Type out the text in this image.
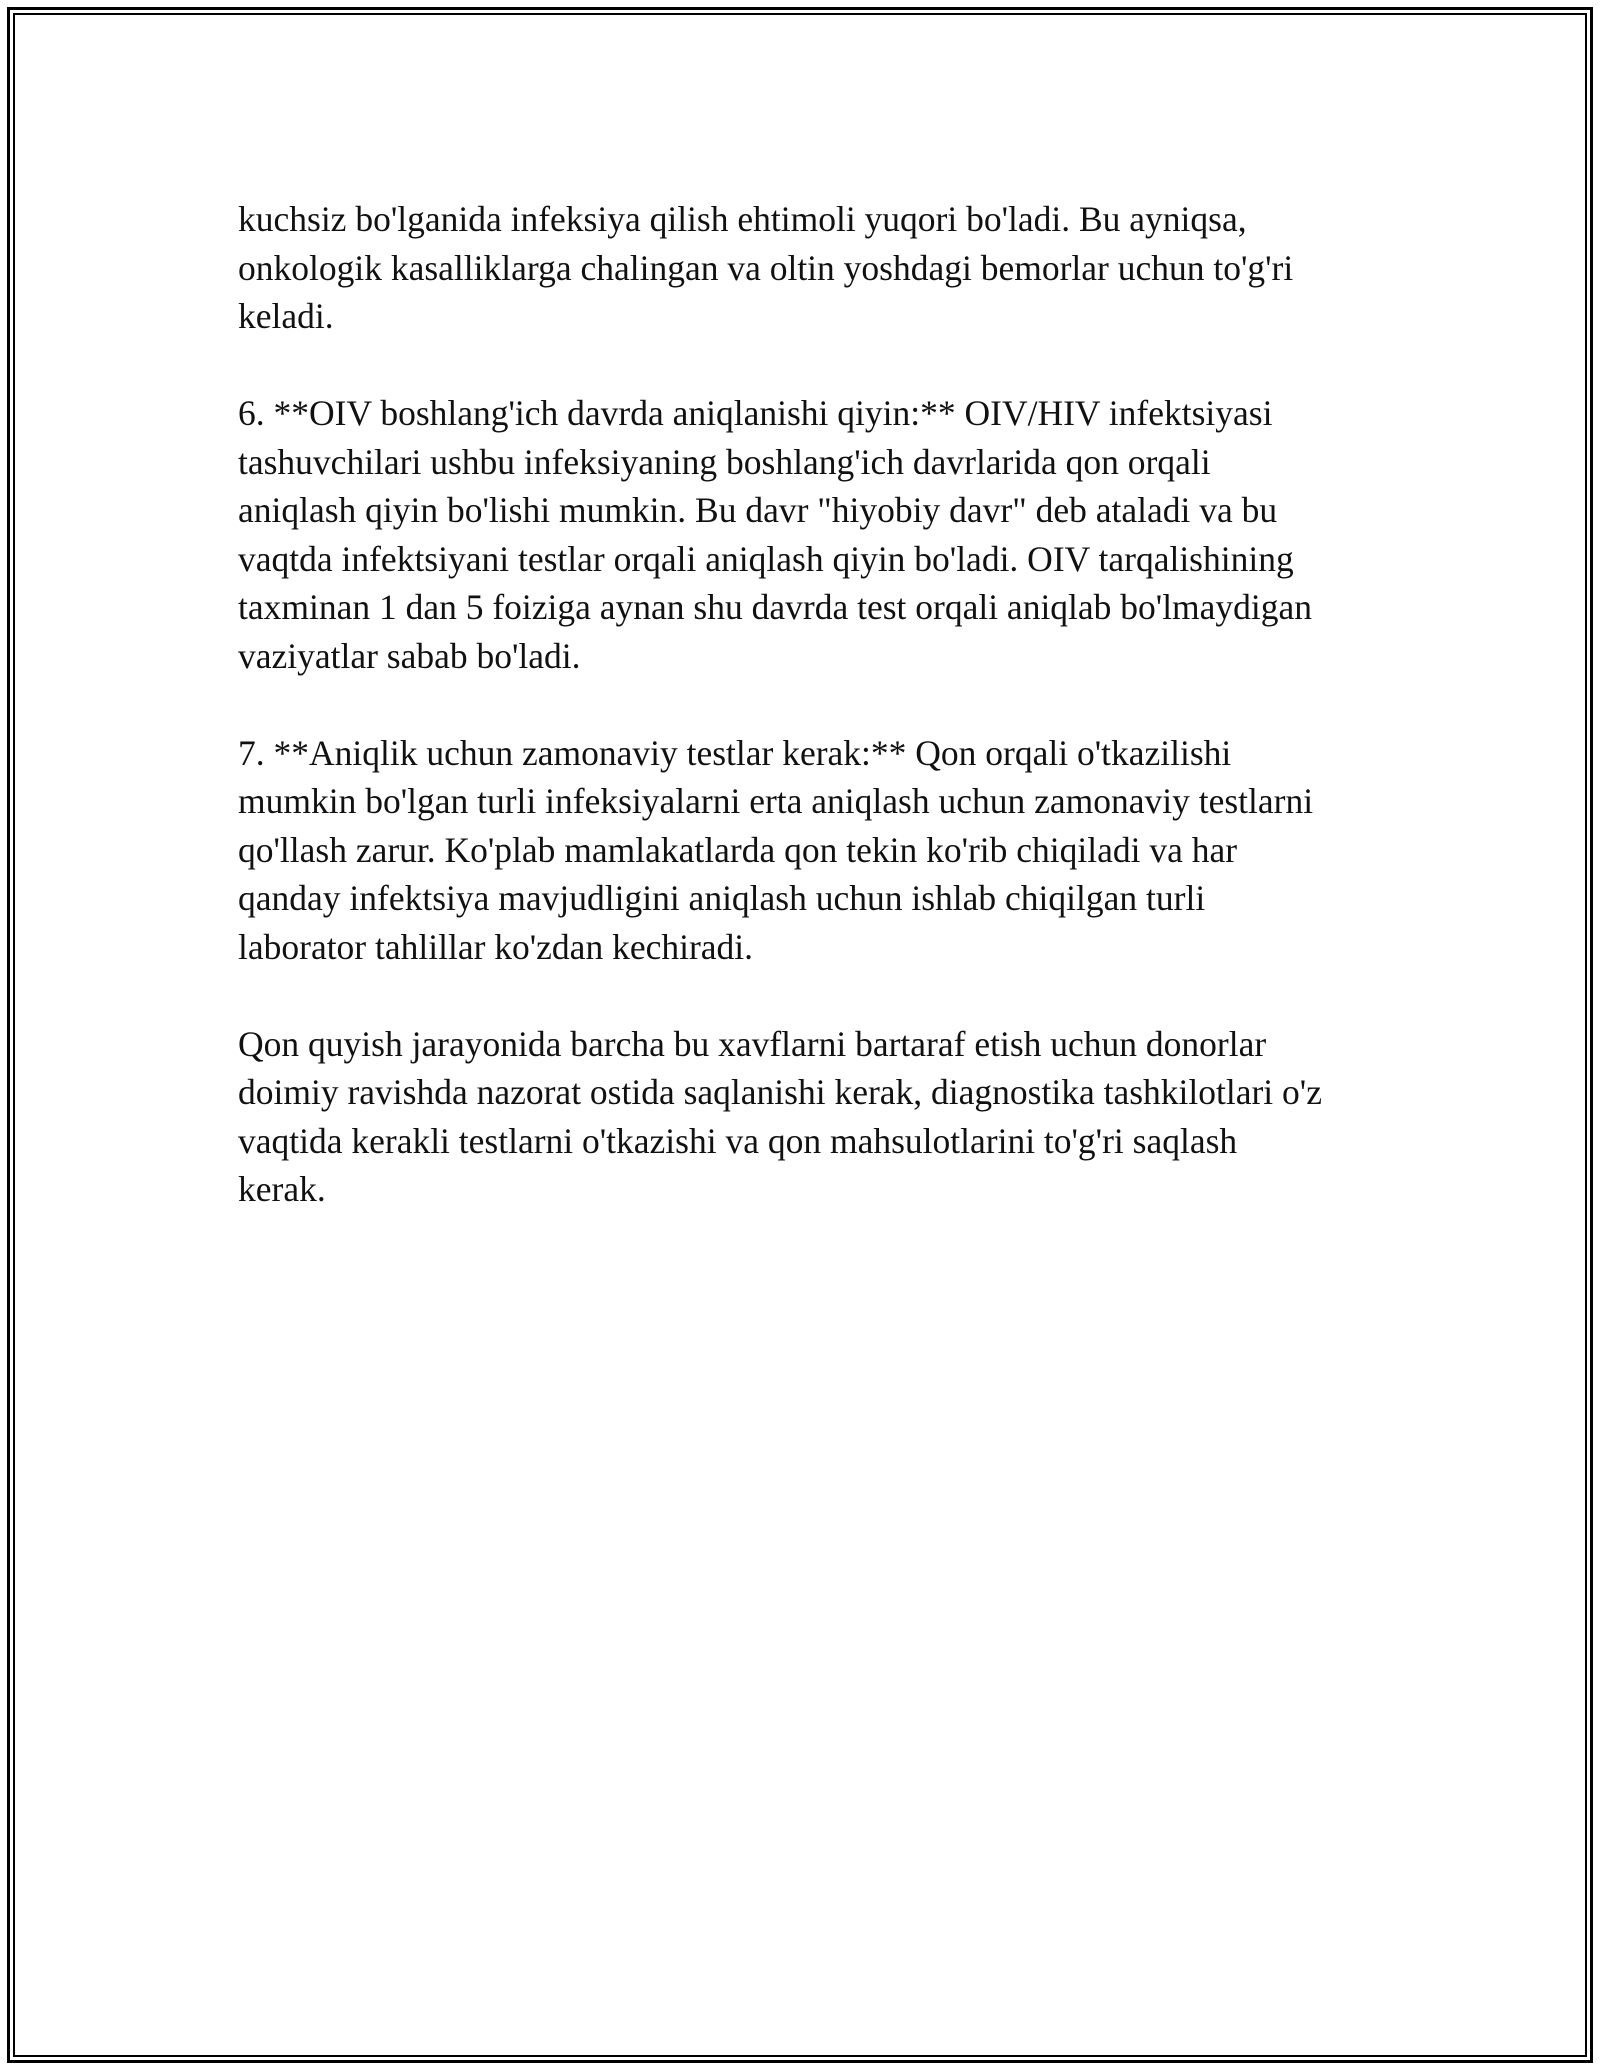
kuchsiz bo'lganida infeksiya qilish ehtimoli yuqori bo'ladi. Bu ayniqsa,
onkologik kasalliklarga chalingan va oltin yoshdagi bemorlar uchun to'g'ri
keladi.

6. **OIV boshlang'ich davrda aniqlanishi qiyin:** OIV/HIV infektsiyasi
tashuvchilari ushbu infeksiyaning boshlang'ich davrlarida qon orqali
aniqlash qiyin bo'lishi mumkin. Bu davr "hiyobiy davr" deb ataladi va bu
vaqtda infektsiyani testlar orqali aniqlash qiyin bo'ladi. OIV tarqalishining
taxminan 1 dan 5 foiziga aynan shu davrda test orqali aniqlab bo'lmaydigan
vaziyatlar sabab bo'ladi.

7. **Aniqlik uchun zamonaviy testlar kerak:** Qon orqali o'tkazilishi
mumkin bo'lgan turli infeksiyalarni erta aniqlash uchun zamonaviy testlarni
qo'llash zarur. Ko'plab mamlakatlarda qon tekin ko'rib chiqiladi va har
qanday infektsiya mavjudligini aniqlash uchun ishlab chiqilgan turli
laborator tahlillar ko'zdan kechiradi.

Qon quyish jarayonida barcha bu xavflarni bartaraf etish uchun donorlar
doimiy ravishda nazorat ostida saqlanishi kerak, diagnostika tashkilotlari o'z
vaqtida kerakli testlarni o'tkazishi va qon mahsulotlarini to'g'ri saqlash
kerak.
